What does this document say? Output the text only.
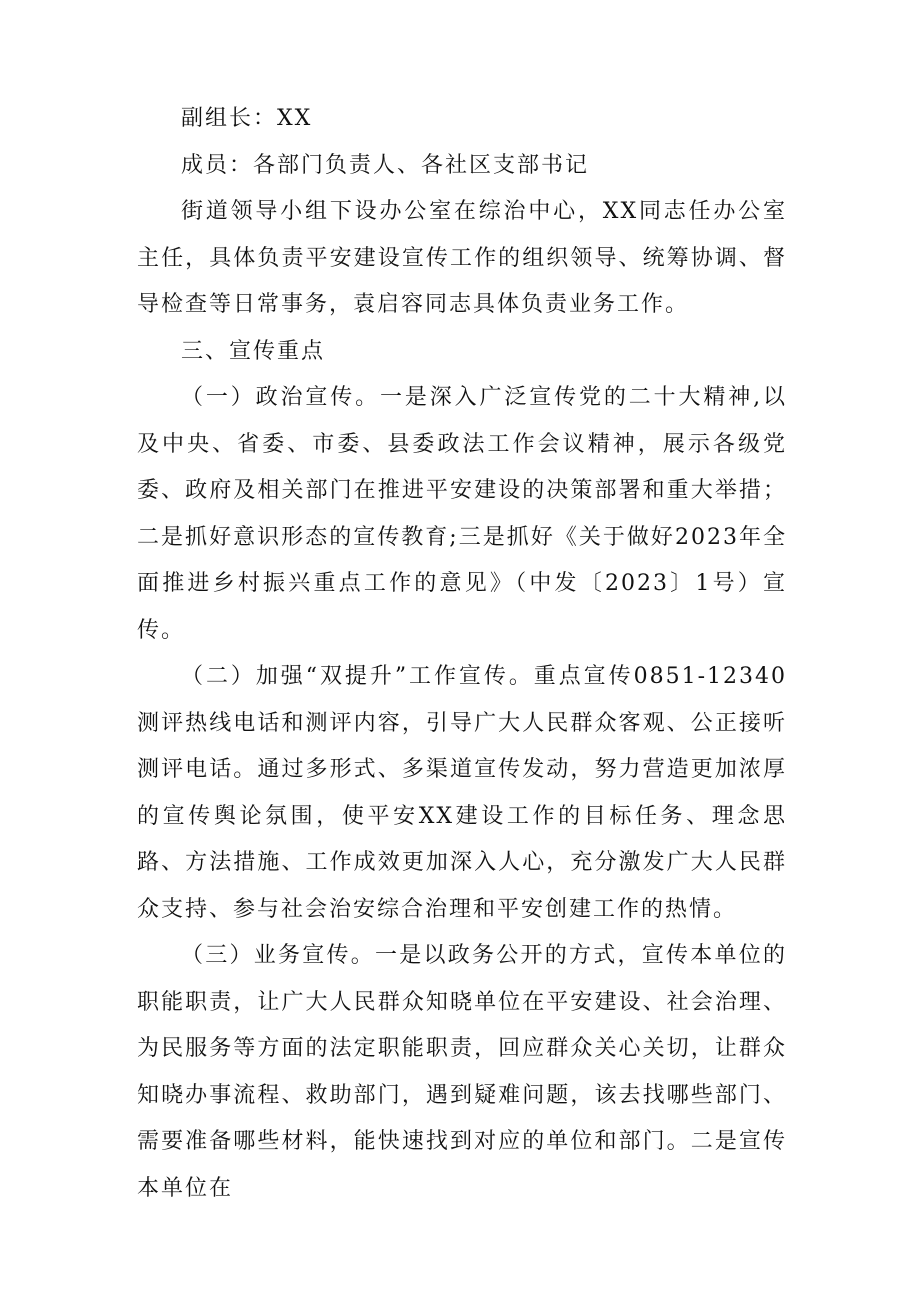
副组长：XX

成员：各部门负责人、各社区支部书记

街道领导小组下设办公室在综治中心，XX同志任办公室主任，具体负责平安建设宣传工作的组织领导、统筹协调、督导检查等日常事务，袁启容同志具体负责业务工作。

三、宣传重点

（一）政治宣传。一是深入广泛宣传党的二十大精神,以及中央、省委、市委、县委政法工作会议精神，展示各级党委、政府及相关部门在推进平安建设的决策部署和重大举措；二是抓好意识形态的宣传教育;三是抓好《关于做好2023年全面推进乡村振兴重点工作的意见》（中发〔2023〕1号）宣传。

（二）加强“双提升”工作宣传。重点宣传0851-12340测评热线电话和测评内容，引导广大人民群众客观、公正接听测评电话。通过多形式、多渠道宣传发动，努力营造更加浓厚的宣传舆论氛围，使平安XX建设工作的目标任务、理念思路、方法措施、工作成效更加深入人心，充分激发广大人民群众支持、参与社会治安综合治理和平安创建工作的热情。

（三）业务宣传。一是以政务公开的方式，宣传本单位的职能职责，让广大人民群众知晓单位在平安建设、社会治理、为民服务等方面的法定职能职责，回应群众关心关切，让群众知晓办事流程、救助部门，遇到疑难问题，该去找哪些部门、需要准备哪些材料，能快速找到对应的单位和部门。二是宣传本单位在
